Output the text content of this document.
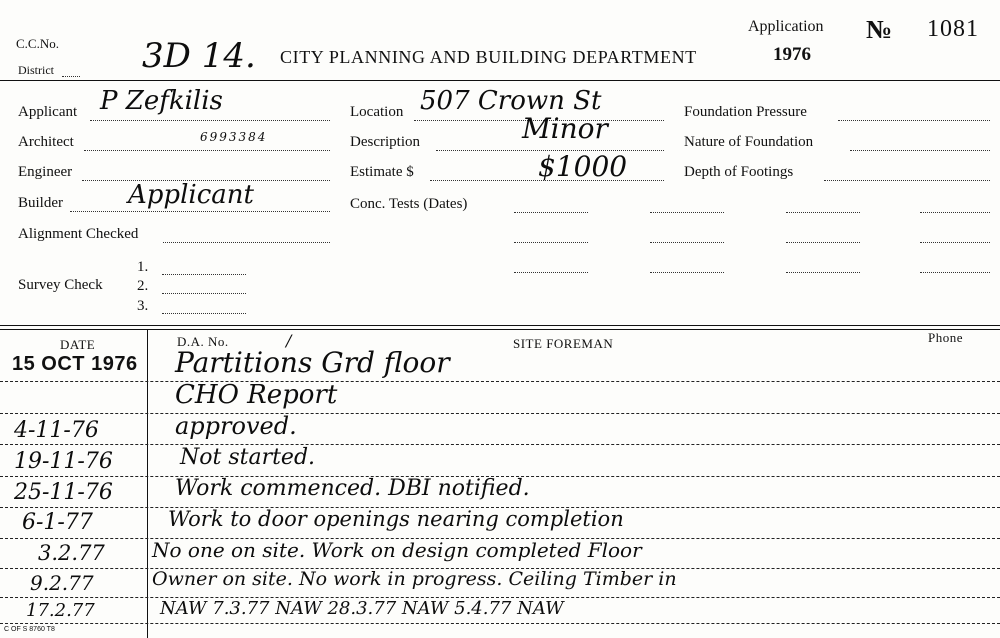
C.C.No.
District	3D 14. CITY PLANNING AND BUILDING DEPARTMENT
Application
1976
№ 1081
Applicant P Zefkilis
Architect	6993384
Engineer
Builder	Applicant
Alignment Checked
Survey Check
1.
2.
3.
Location 507 Crown St
Description	Minor
Estimate $	$1000
Conc. Tests (Dates)
Foundation Pressure
Nature of Foundation
Depth of Footings
DATE	D.A. No.	/	SITE FOREMAN	Phone
15 OCT 1976 Partitions Grd floor
CHO Report
4-11-76	approved.
19-11-76	Not started.
25-11-76	Work commenced. DBI notified.
6-1-77	Work to door openings nearing completion
3.2.77 No one on site. Work on design completed Floor
9.2.77	Owner on site. No work in progress. Ceiling Timber in
17.2.77	NAW 7.3.77 NAW 28.3.77 NAW 5.4.77 NAW
C OF S 8760 T8
